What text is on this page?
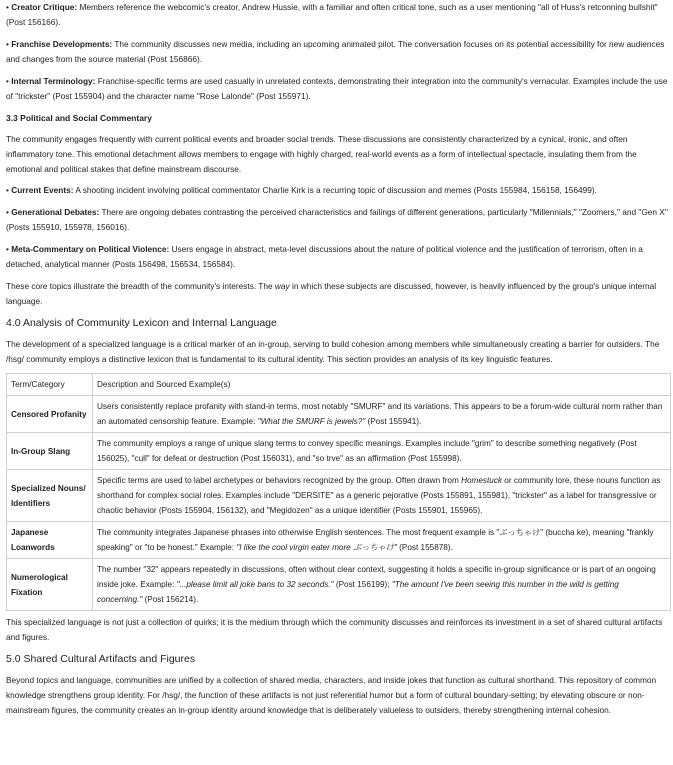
• Creator Critique: Members reference the webcomic's creator, Andrew Hussie, with a familiar and often critical tone, such as a user mentioning "all of Huss's retconning bullshit" (Post 156166).

• Franchise Developments: The community discusses new media, including an upcoming animated pilot. The conversation focuses on its potential accessibility for new audiences and changes from the source material (Post 156866).

• Internal Terminology: Franchise-specific terms are used casually in unrelated contexts, demonstrating their integration into the community's vernacular. Examples include the use of "trickster" (Post 155904) and the character name "Rose Lalonde" (Post 155971).

3.3 Political and Social Commentary

The community engages frequently with current political events and broader social trends. These discussions are consistently characterized by a cynical, ironic, and often inflammatory tone. This emotional detachment allows members to engage with highly charged, real-world events as a form of intellectual spectacle, insulating them from the emotional and political stakes that define mainstream discourse.

• Current Events: A shooting incident involving political commentator Charlie Kirk is a recurring topic of discussion and memes (Posts 155984, 156158, 156499).

• Generational Debates: There are ongoing debates contrasting the perceived characteristics and failings of different generations, particularly "Millennials," "Zoomers," and "Gen X" (Posts 155910, 155978, 156016).

• Meta-Commentary on Political Violence: Users engage in abstract, meta-level discussions about the nature of political violence and the justification of terrorism, often in a detached, analytical manner (Posts 156498, 156534, 156584).

These core topics illustrate the breadth of the community's interests. The way in which these subjects are discussed, however, is heavily influenced by the group's unique internal language.

4.0 Analysis of Community Lexicon and Internal Language

The development of a specialized language is a critical marker of an in-group, serving to build cohesion among members while simultaneously creating a barrier for outsiders. The /hsg/ community employs a distinctive lexicon that is fundamental to its cultural identity. This section provides an analysis of its key linguistic features.

Term/Category	Description and Sourced Example(s)
Censored Profanity	Users consistently replace profanity with stand-in terms, most notably "SMURF" and its variations. This appears to be a forum-wide cultural norm rather than an automated censorship feature. Example: "What the SMURF is jewels?" (Post 155941).
In-Group Slang	The community employs a range of unique slang terms to convey specific meanings. Examples include "grim" to describe something negatively (Post 156025), "cull" for defeat or destruction (Post 156031), and "so trve" as an affirmation (Post 155998).
Specialized Nouns/ Identifiers	Specific terms are used to label archetypes or behaviors recognized by the group. Often drawn from Homestuck or community lore, these nouns function as shorthand for complex social roles. Examples include "DERSITE" as a generic pejorative (Posts 155891, 155981), "trickster" as a label for transgressive or chaotic behavior (Posts 155904, 156132), and "Megidozen" as a unique identifier (Posts 155901, 155965).
Japanese Loanwords	The community integrates Japanese phrases into otherwise English sentences. The most frequent example is "ぶっちゃけ" (buccha ke), meaning "frankly speaking" or "to be honest." Example: "I like the cool virgin eater more ぶっちゃけ" (Post 155878).
Numerological Fixation	The number "32" appears repeatedly in discussions, often without clear context, suggesting it holds a specific in-group significance or is part of an ongoing inside joke. Example: "...please limit all joke bans to 32 seconds." (Post 156199); "The amount I've been seeing this number in the wild is getting concerning." (Post 156214).

This specialized language is not just a collection of quirks; it is the medium through which the community discusses and reinforces its investment in a set of shared cultural artifacts and figures.

5.0 Shared Cultural Artifacts and Figures

Beyond topics and language, communities are unified by a collection of shared media, characters, and inside jokes that function as cultural shorthand. This repository of common knowledge strengthens group identity. For /hsg/, the function of these artifacts is not just referential humor but a form of cultural boundary-setting; by elevating obscure or non-mainstream figures, the community creates an in-group identity around knowledge that is deliberately valueless to outsiders, thereby strengthening internal cohesion.
